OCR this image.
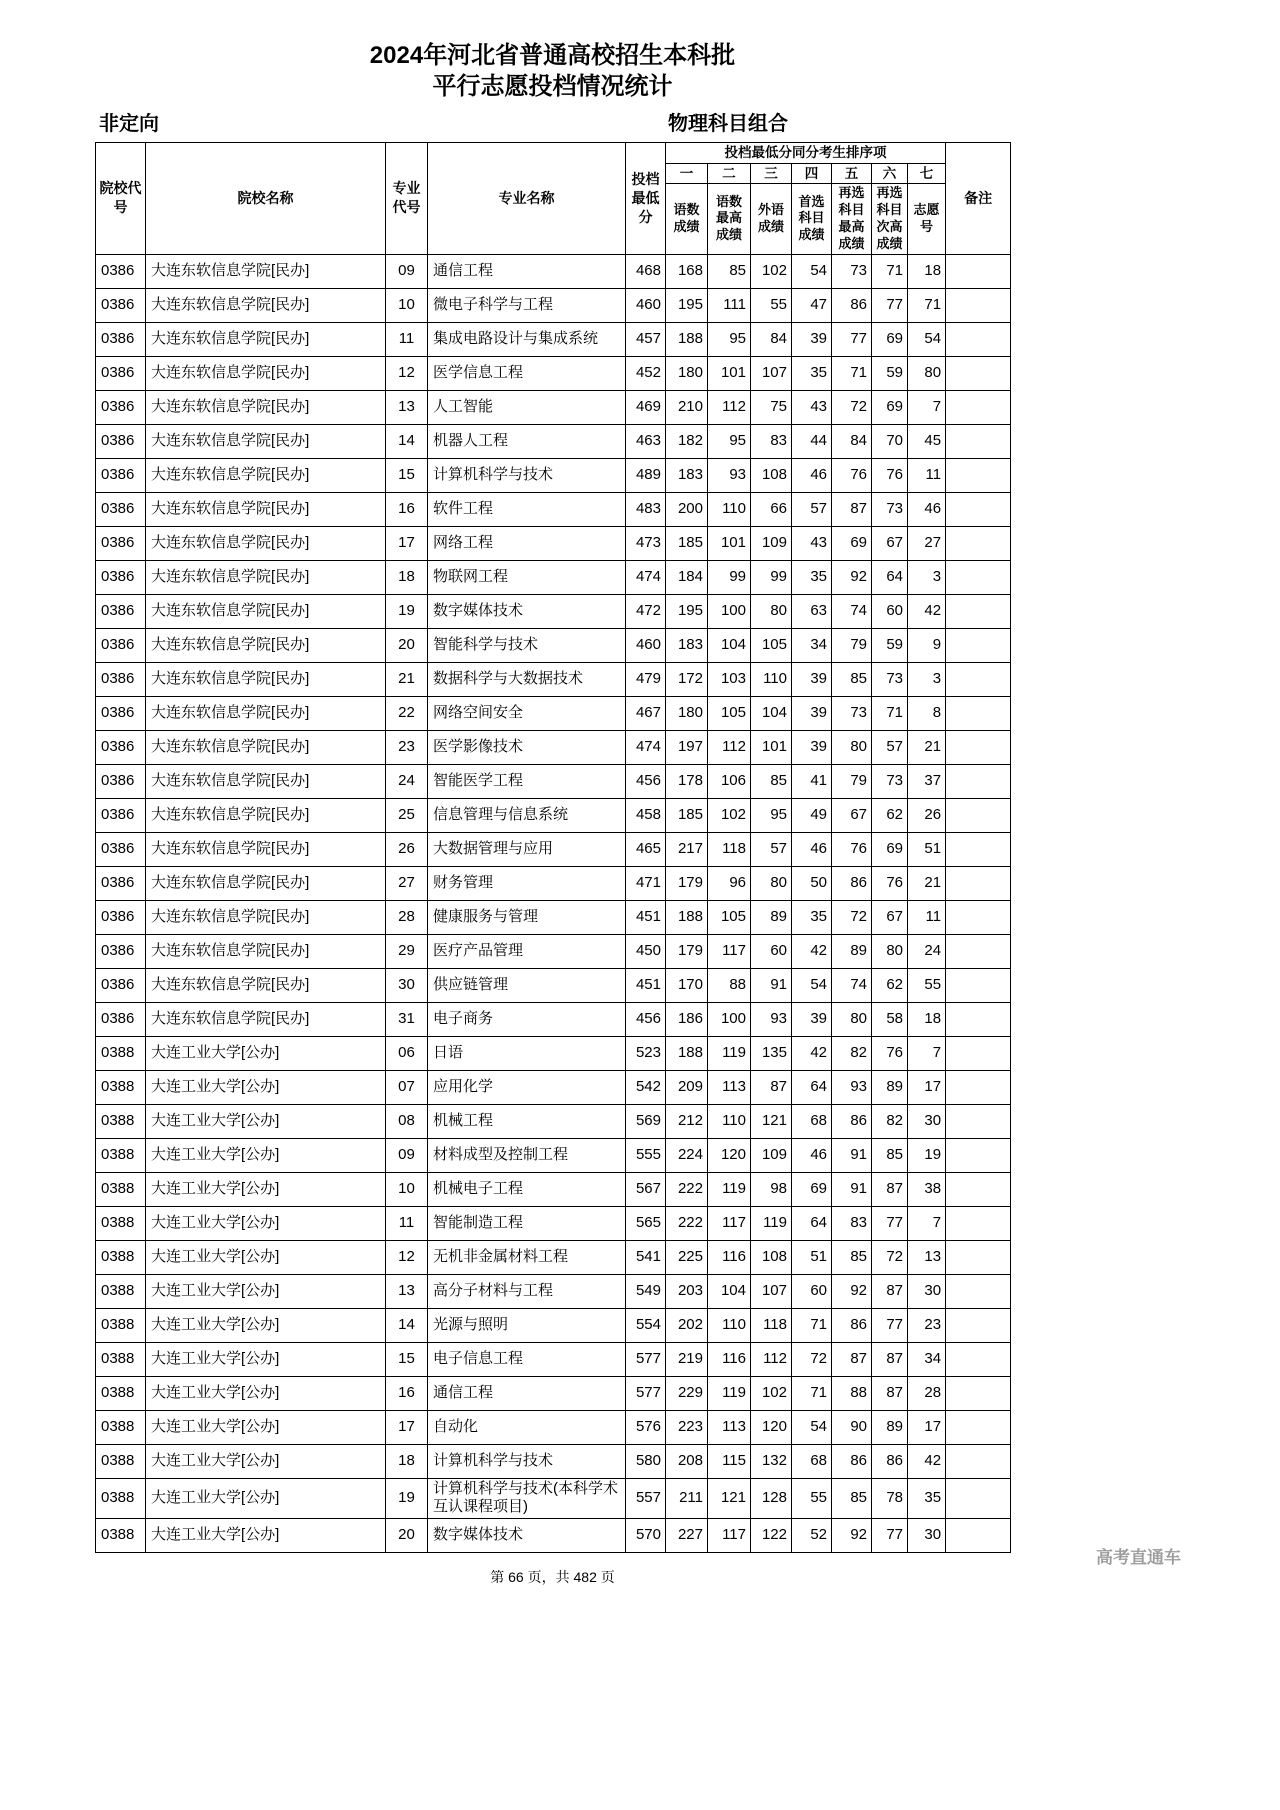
2024年河北省普通高校招生本科批
平行志愿投档情况统计
非定向	物理科目组合
院校代号	院校名称	专业代号	专业名称	投档最低分	投档最低分同分考生排序项							备注
					一	二	三	四	五	六	七	
					语数成绩	语数最高成绩	外语成绩	首选科目成绩	再选科目最高成绩	再选科目次高成绩	志愿号	
0386	大连东软信息学院[民办]	09	通信工程	468	168	85	102	54	73	71	18	
0386	大连东软信息学院[民办]	10	微电子科学与工程	460	195	111	55	47	86	77	71	
0386	大连东软信息学院[民办]	11	集成电路设计与集成系统	457	188	95	84	39	77	69	54	
0386	大连东软信息学院[民办]	12	医学信息工程	452	180	101	107	35	71	59	80	
0386	大连东软信息学院[民办]	13	人工智能	469	210	112	75	43	72	69	7	
0386	大连东软信息学院[民办]	14	机器人工程	463	182	95	83	44	84	70	45	
0386	大连东软信息学院[民办]	15	计算机科学与技术	489	183	93	108	46	76	76	11	
0386	大连东软信息学院[民办]	16	软件工程	483	200	110	66	57	87	73	46	
0386	大连东软信息学院[民办]	17	网络工程	473	185	101	109	43	69	67	27	
0386	大连东软信息学院[民办]	18	物联网工程	474	184	99	99	35	92	64	3	
0386	大连东软信息学院[民办]	19	数字媒体技术	472	195	100	80	63	74	60	42	
0386	大连东软信息学院[民办]	20	智能科学与技术	460	183	104	105	34	79	59	9	
0386	大连东软信息学院[民办]	21	数据科学与大数据技术	479	172	103	110	39	85	73	3	
0386	大连东软信息学院[民办]	22	网络空间安全	467	180	105	104	39	73	71	8	
0386	大连东软信息学院[民办]	23	医学影像技术	474	197	112	101	39	80	57	21	
0386	大连东软信息学院[民办]	24	智能医学工程	456	178	106	85	41	79	73	37	
0386	大连东软信息学院[民办]	25	信息管理与信息系统	458	185	102	95	49	67	62	26	
0386	大连东软信息学院[民办]	26	大数据管理与应用	465	217	118	57	46	76	69	51	
0386	大连东软信息学院[民办]	27	财务管理	471	179	96	80	50	86	76	21	
0386	大连东软信息学院[民办]	28	健康服务与管理	451	188	105	89	35	72	67	11	
0386	大连东软信息学院[民办]	29	医疗产品管理	450	179	117	60	42	89	80	24	
0386	大连东软信息学院[民办]	30	供应链管理	451	170	88	91	54	74	62	55	
0386	大连东软信息学院[民办]	31	电子商务	456	186	100	93	39	80	58	18	
0388	大连工业大学[公办]	06	日语	523	188	119	135	42	82	76	7	
0388	大连工业大学[公办]	07	应用化学	542	209	113	87	64	93	89	17	
0388	大连工业大学[公办]	08	机械工程	569	212	110	121	68	86	82	30	
0388	大连工业大学[公办]	09	材料成型及控制工程	555	224	120	109	46	91	85	19	
0388	大连工业大学[公办]	10	机械电子工程	567	222	119	98	69	91	87	38	
0388	大连工业大学[公办]	11	智能制造工程	565	222	117	119	64	83	77	7	
0388	大连工业大学[公办]	12	无机非金属材料工程	541	225	116	108	51	85	72	13	
0388	大连工业大学[公办]	13	高分子材料与工程	549	203	104	107	60	92	87	30	
0388	大连工业大学[公办]	14	光源与照明	554	202	110	118	71	86	77	23	
0388	大连工业大学[公办]	15	电子信息工程	577	219	116	112	72	87	87	34	
0388	大连工业大学[公办]	16	通信工程	577	229	119	102	71	88	87	28	
0388	大连工业大学[公办]	17	自动化	576	223	113	120	54	90	89	17	
0388	大连工业大学[公办]	18	计算机科学与技术	580	208	115	132	68	86	86	42	
0388	大连工业大学[公办]	19	计算机科学与技术(本科学术互认课程项目)	557	211	121	128	55	85	78	35	
0388	大连工业大学[公办]	20	数字媒体技术	570	227	117	122	52	92	77	30	
第 66 页，共 482 页
高考直通车
